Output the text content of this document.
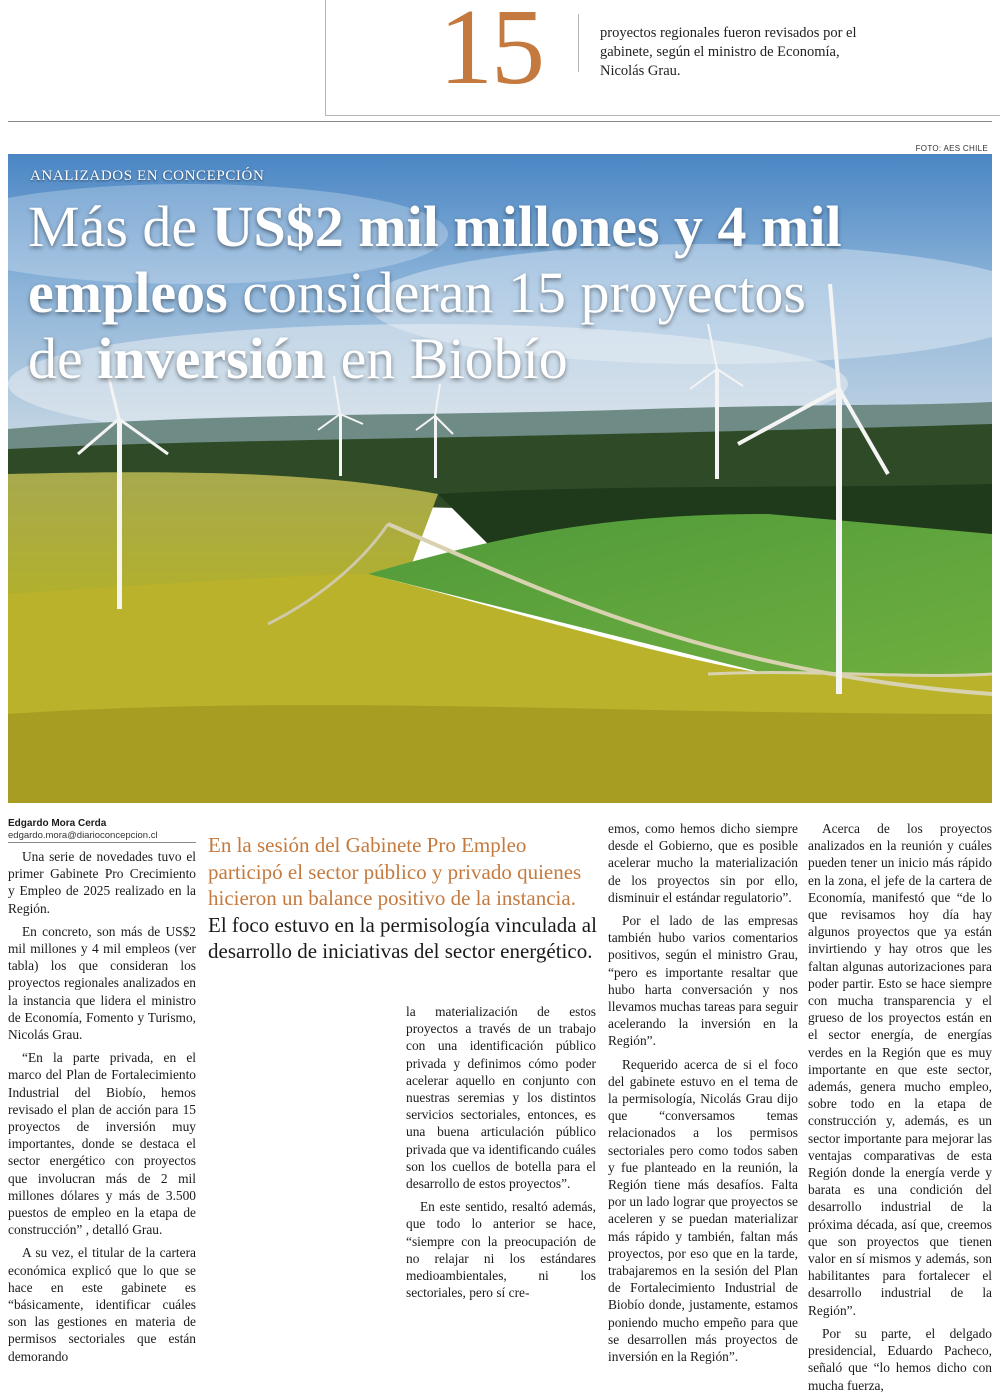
15	proyectos regionales fueron revisados por el gabinete, según el ministro de Economía, Nicolás Grau.
FOTO: AES CHILE
ANALIZADOS EN CONCEPCIÓN
Más de US$2 mil millones y 4 mil
empleos consideran 15 proyectos
de inversión en Biobío
Edgardo Mora Cerda
edgardo.mora@diarioconcepcion.cl

Una serie de novedades tuvo el primer Gabinete Pro Crecimiento y Empleo de 2025 realizado en la Región.

En concreto, son más de US$2 mil millones y 4 mil empleos (ver tabla) los que consideran los proyectos regionales analizados en la instancia que lidera el ministro de Economía, Fomento y Turismo, Nicolás Grau.

“En la parte privada, en el marco del Plan de Fortalecimiento Industrial del Biobío, hemos revisado el plan de acción para 15 proyectos de inversión muy importantes, donde se destaca el sector energético con proyectos que involucran más de 2 mil millones dólares y más de 3.500 puestos de empleo en la etapa de construcción” , detalló Grau.

A su vez, el titular de la cartera económica explicó que lo que se hace en este gabinete es “básicamente, identificar cuáles son las gestiones en materia de permisos sectoriales que están demorando

En la sesión del Gabinete Pro Empleo participó el sector público y privado quienes hicieron un balance positivo de la instancia. El foco estuvo en la permisología vinculada al desarrollo de iniciativas del sector energético.

la materialización de estos proyectos a través de un trabajo con una identificación público privada y definimos cómo poder acelerar aquello en conjunto con nuestras seremias y los distintos servicios sectoriales, entonces, es una buena articulación público privada que va identificando cuáles son los cuellos de botella para el desarrollo de estos proyectos”.

En este sentido, resaltó además, que todo lo anterior se hace, “siempre con la preocupación de no relajar ni los estándares medioambientales, ni los sectoriales, pero sí cre-

emos, como hemos dicho siempre desde el Gobierno, que es posible acelerar mucho la materialización de los proyectos sin por ello, disminuir el estándar regulatorio”.

Por el lado de las empresas también hubo varios comentarios positivos, según el ministro Grau, “pero es importante resaltar que hubo harta conversación y nos llevamos muchas tareas para seguir acelerando la inversión en la Región”.

Requerido acerca de si el foco del gabinete estuvo en el tema de la permisología, Nicolás Grau dijo que “conversamos temas relacionados a los permisos sectoriales pero como todos saben y fue planteado en la reunión, la Región tiene más desafíos. Falta por un lado lograr que proyectos se aceleren y se puedan materializar más rápido y también, faltan más proyectos, por eso que en la tarde, trabajaremos en la sesión del Plan de Fortalecimiento Industrial de Biobío donde, justamente, estamos poniendo mucho empeño para que se desarrollen más proyectos de inversión en la Región”.

Acerca de los proyectos analizados en la reunión y cuáles pueden tener un inicio más rápido en la zona, el jefe de la cartera de Economía, manifestó que “de lo que revisamos hoy día hay algunos proyectos que ya están invirtiendo y hay otros que les faltan algunas autorizaciones para poder partir. Esto se hace siempre con mucha transparencia y el grueso de los proyectos están en el sector energía, de energías verdes en la Región que es muy importante en que este sector, además, genera mucho empleo, sobre todo en la etapa de construcción y, además, es un sector importante para mejorar las ventajas comparativas de esta Región donde la energía verde y barata es una condición del desarrollo industrial de la próxima década, así que, creemos que son proyectos que tienen valor en sí mismos y además, son habilitantes para fortalecer el desarrollo industrial de la Región”.

Por su parte, el delgado presidencial, Eduardo Pacheco, señaló que “lo hemos dicho con mucha fuerza,
